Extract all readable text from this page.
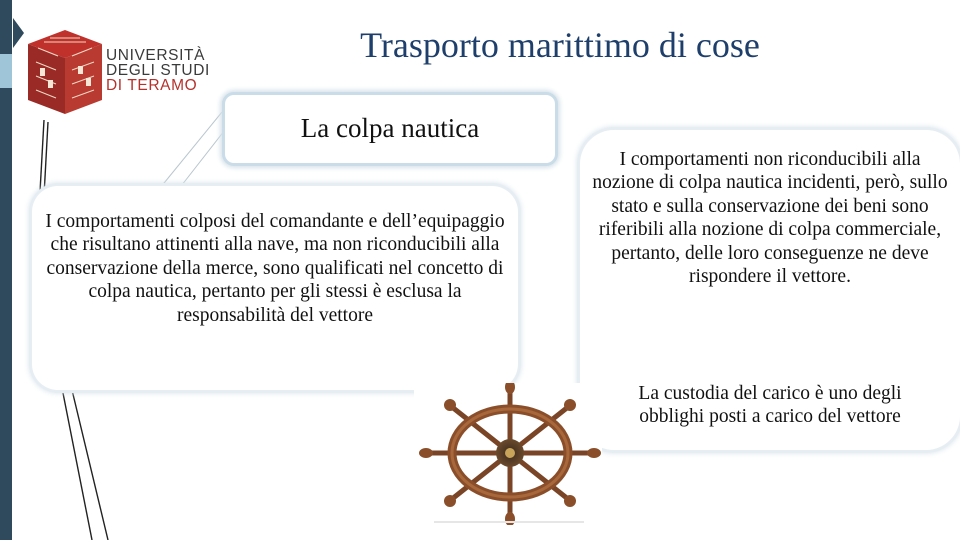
UNIVERSITÀ
DEGLI STUDI
DI TERAMO
Trasporto marittimo di cose
La colpa nautica
I comportamenti colposi del comandante e dell’equipaggio che risultano attinenti alla nave, ma non riconducibili alla conservazione della merce, sono qualificati nel concetto di colpa nautica, pertanto per gli stessi è esclusa la responsabilità del vettore
I comportamenti non riconducibili alla nozione di colpa nautica incidenti, però, sullo stato e sulla conservazione dei beni sono riferibili alla nozione di colpa commerciale, pertanto, delle loro conseguenze ne deve rispondere il vettore.
La custodia del carico è uno degli obblighi posti a carico del vettore
